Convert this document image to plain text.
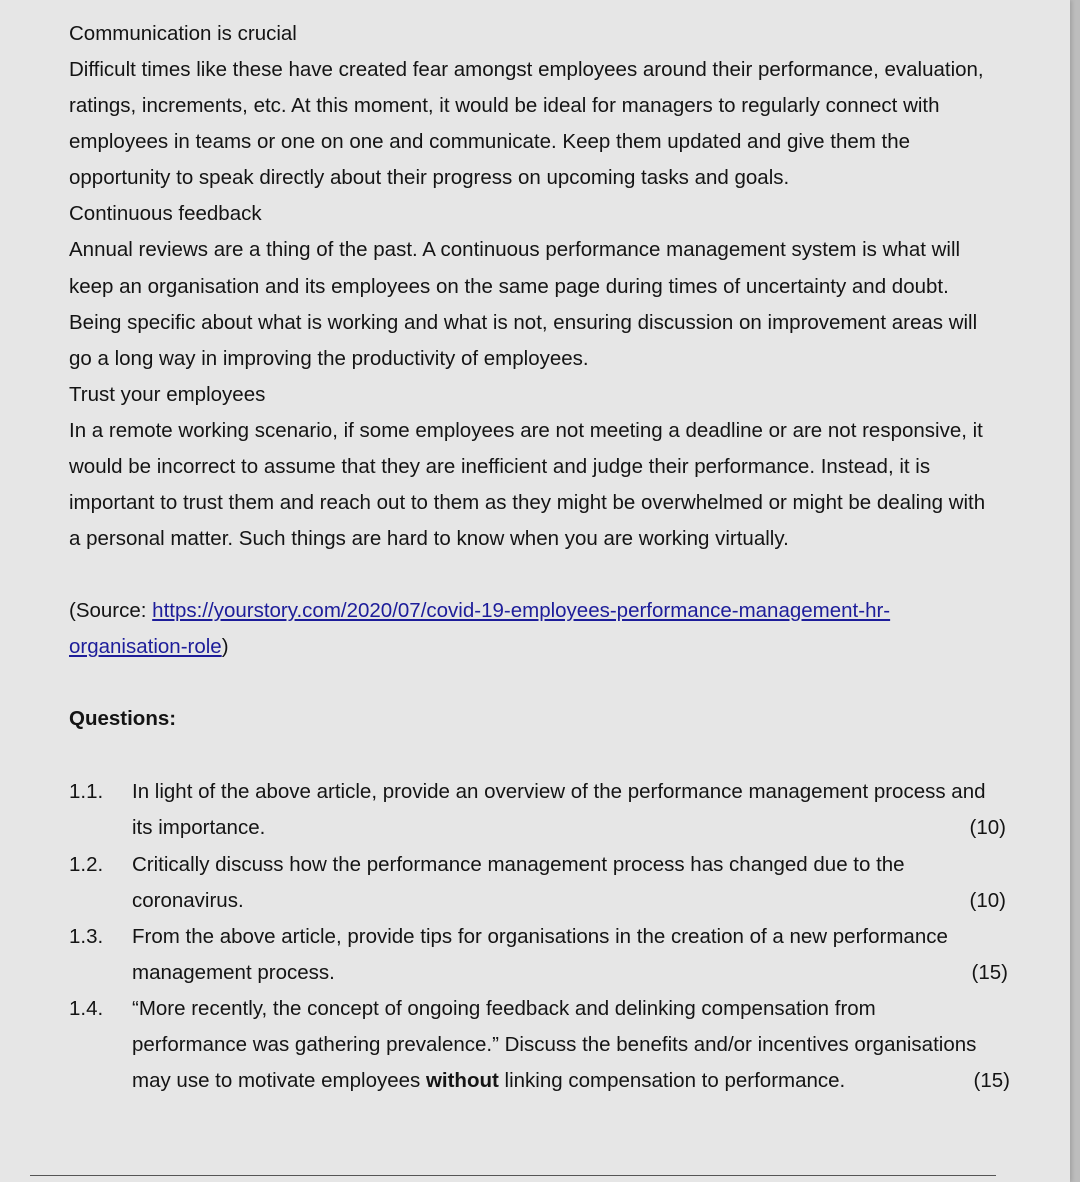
Communication is crucial
Difficult times like these have created fear amongst employees around their performance, evaluation,
ratings, increments, etc. At this moment, it would be ideal for managers to regularly connect with
employees in teams or one on one and communicate. Keep them updated and give them the
opportunity to speak directly about their progress on upcoming tasks and goals.
Continuous feedback
Annual reviews are a thing of the past. A continuous performance management system is what will
keep an organisation and its employees on the same page during times of uncertainty and doubt.
Being specific about what is working and what is not, ensuring discussion on improvement areas will
go a long way in improving the productivity of employees.
Trust your employees
In a remote working scenario, if some employees are not meeting a deadline or are not responsive, it
would be incorrect to assume that they are inefficient and judge their performance. Instead, it is
important to trust them and reach out to them as they might be overwhelmed or might be dealing with
a personal matter. Such things are hard to know when you are working virtually.
(Source: https://yourstory.com/2020/07/covid-19-employees-performance-management-hr-
organisation-role)
Questions:
1.1. In light of the above article, provide an overview of the performance management process and
its importance.	(10)
1.2. Critically discuss how the performance management process has changed due to the
coronavirus.	(10)
1.3. From the above article, provide tips for organisations in the creation of a new performance
management process.	(15)
1.4. “More recently, the concept of ongoing feedback and delinking compensation from
performance was gathering prevalence.” Discuss the benefits and/or incentives organisations
may use to motivate employees without linking compensation to performance.	(15)
